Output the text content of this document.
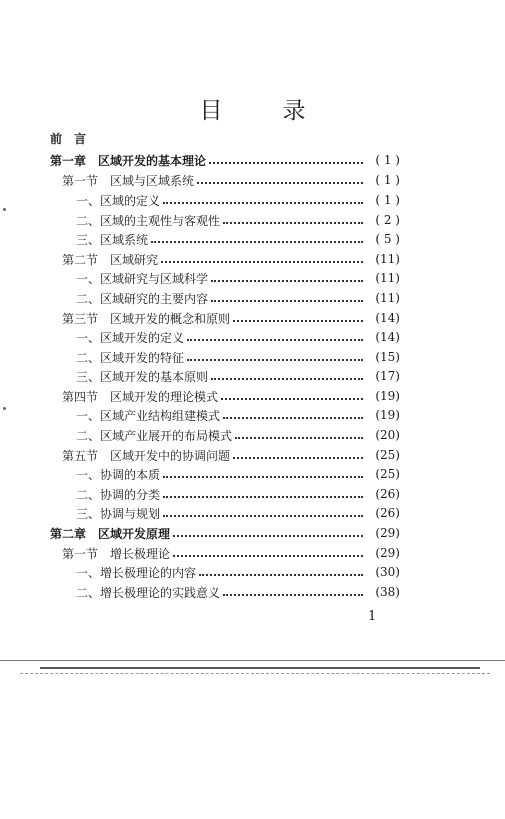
目	录
前　言
第一章　区域开发的基本理论	( 1 )
第一节　区域与区域系统	( 1 )
一、区域的定义	( 1 )
二、区域的主观性与客观性	( 2 )
三、区域系统	( 5 )
第二节　区域研究	(11)
一、区域研究与区域科学	(11)
二、区域研究的主要内容	(11)
第三节　区域开发的概念和原则	(14)
一、区域开发的定义	(14)
二、区域开发的特征	(15)
三、区域开发的基本原则	(17)
第四节　区域开发的理论模式	(19)
一、区域产业结构组建模式	(19)
二、区域产业展开的布局模式	(20)
第五节　区域开发中的协调问题	(25)
一、协调的本质	(25)
二、协调的分类	(26)
三、协调与规划	(26)
第二章　区域开发原理	(29)
第一节　增长极理论	(29)
一、增长极理论的内容	(30)
二、增长极理论的实践意义	(38)
1
